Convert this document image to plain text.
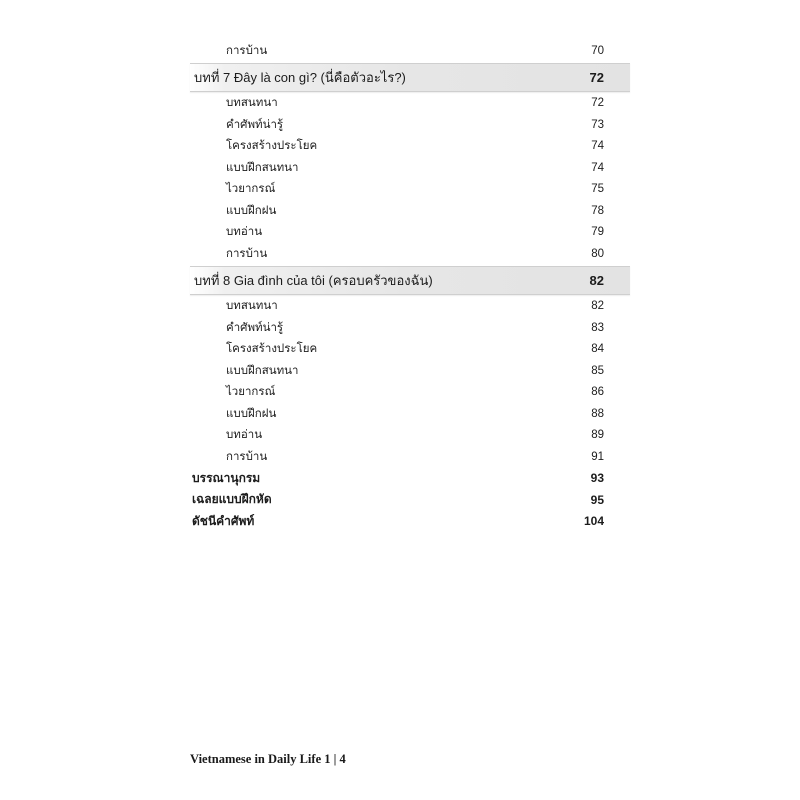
การบ้าน	70
บทที่ 7 Đây là con gì? (นี่คือตัวอะไร?)	72
บทสนทนา	72
คำศัพท์น่ารู้	73
โครงสร้างประโยค	74
แบบฝึกสนทนา	74
ไวยากรณ์	75
แบบฝึกฝน	78
บทอ่าน	79
การบ้าน	80
บทที่ 8 Gia đình của tôi (ครอบครัวของฉัน)	82
บทสนทนา	82
คำศัพท์น่ารู้	83
โครงสร้างประโยค	84
แบบฝึกสนทนา	85
ไวยากรณ์	86
แบบฝึกฝน	88
บทอ่าน	89
การบ้าน	91
บรรณานุกรม	93
เฉลยแบบฝึกหัด	95
ดัชนีคำศัพท์	104
Vietnamese in Daily Life 1 | 4
